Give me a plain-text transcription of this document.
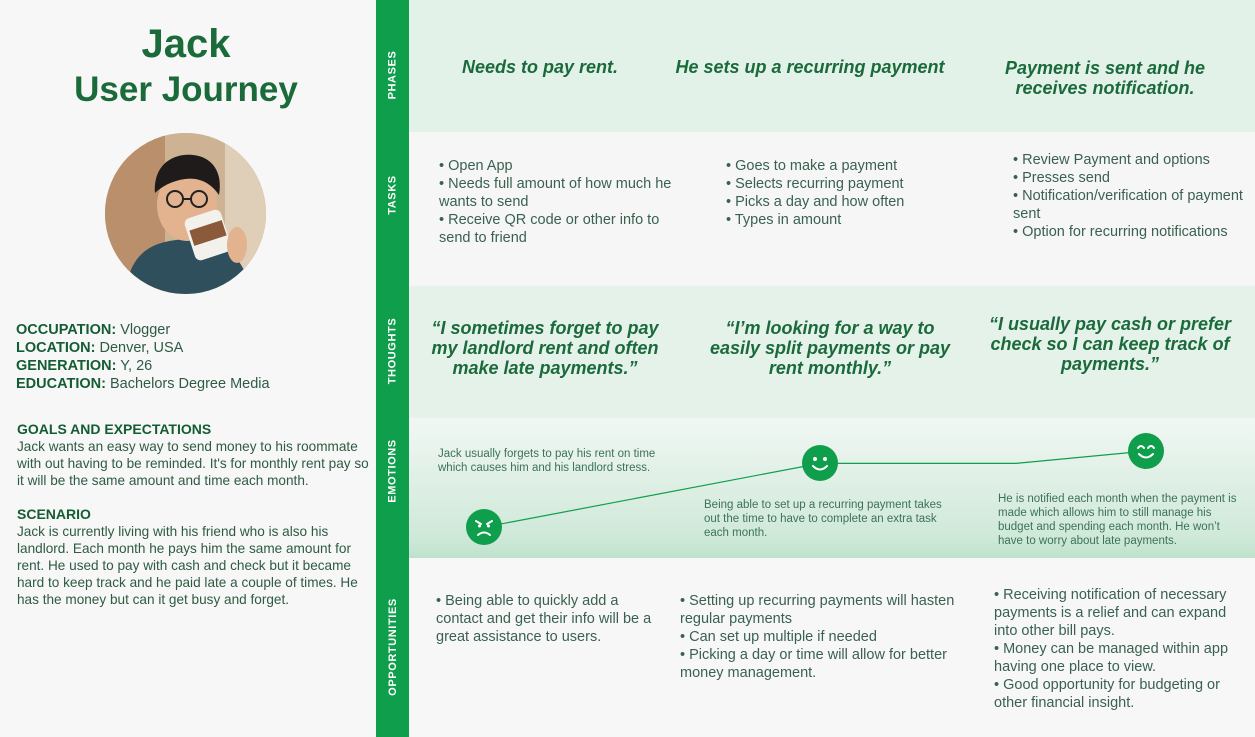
Jack
User Journey
OCCUPATION: Vlogger
LOCATION: Denver, USA
GENERATION: Y, 26
EDUCATION: Bachelors Degree Media
GOALS AND EXPECTATIONS
Jack wants an easy way to send money to his roommate with out having to be reminded. It's for monthly rent pay so it will be the same amount and time each month.
SCENARIO
Jack is currently living with his friend who is also his landlord. Each month he pays him the same amount for rent. He used to pay with cash and check but it became hard to keep track and he paid late a couple of times. He has the money but can it get busy and forget.
PHASES
TASKS
THOUGHTS
EMOTIONS
OPPORTUNITIES
Needs to pay rent.	He sets up a recurring payment	Payment is sent and he receives notification.
• Open App
• Needs full amount of how much he wants to send
• Receive QR code or other info to send to friend
• Goes to make a payment
• Selects recurring payment
• Picks a day and how often
• Types in amount
• Review Payment and options
• Presses send
• Notification/verification of payment sent
• Option for recurring notifications
“I sometimes forget to pay my landlord rent and often make late payments.”
“I’m looking for a way to easily split payments or pay rent monthly.”
“I usually pay cash or prefer check so I can keep track of payments.”
Jack usually forgets to pay his rent on time which causes him and his landlord stress.
Being able to set up a recurring payment takes out the time to have to complete an extra task each month.
He is notified each month when the payment is made which allows him to still manage his budget and spending each month. He won’t have to worry about late payments.
• Being able to quickly add a contact and get their info will be a great assistance to users.
• Setting up recurring payments will hasten regular payments
• Can set up multiple if needed
• Picking a day or time will allow for better money management.
• Receiving notification of necessary payments is a relief and can expand into other bill pays.
• Money can be managed within app having one place to view.
• Good opportunity for budgeting or other financial insight.
